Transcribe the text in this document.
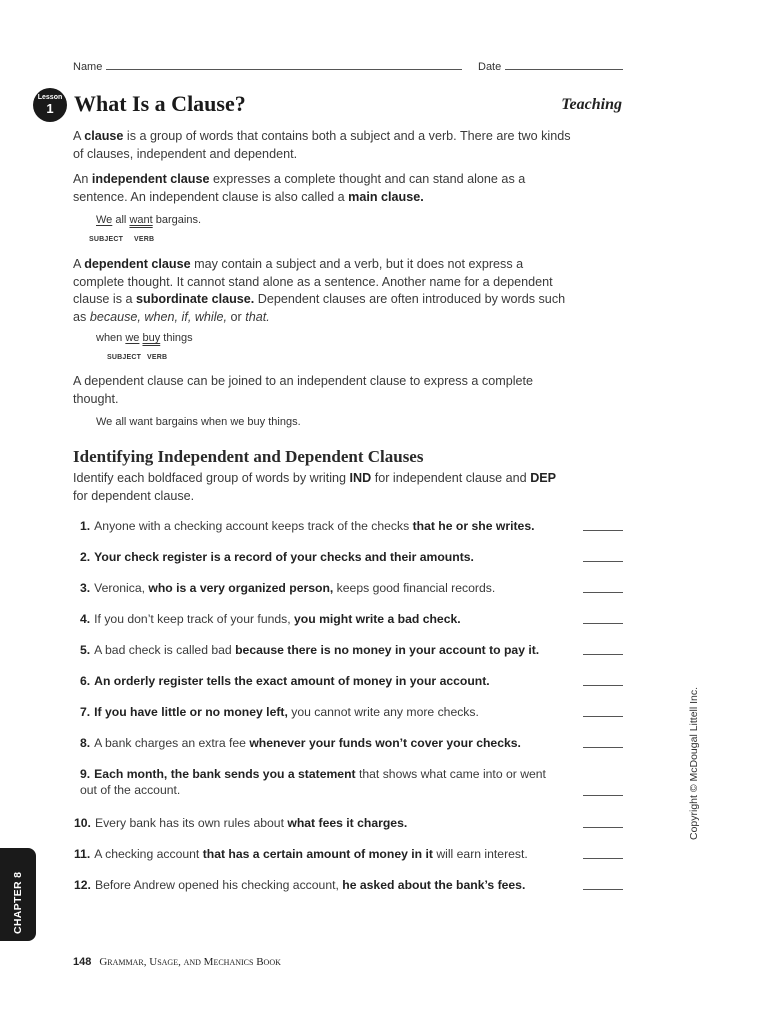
Name	Date
Lesson
1 What Is a Clause?	Teaching
A clause is a group of words that contains both a subject and a verb. There are two kinds of clauses, independent and dependent.
An independent clause expresses a complete thought and can stand alone as a sentence. An independent clause is also called a main clause.
We all want bargains.
SUBJECT VERB
A dependent clause may contain a subject and a verb, but it does not express a complete thought. It cannot stand alone as a sentence. Another name for a dependent clause is a subordinate clause. Dependent clauses are often introduced by words such as because, when, if, while, or that.
when we buy things
SUBJECT VERB
A dependent clause can be joined to an independent clause to express a complete thought.
We all want bargains when we buy things.
Identifying Independent and Dependent Clauses
Identify each boldfaced group of words by writing IND for independent clause and DEP for dependent clause.
1. Anyone with a checking account keeps track of the checks that he or she writes.
2. Your check register is a record of your checks and their amounts.
3. Veronica, who is a very organized person, keeps good financial records.
4. If you don’t keep track of your funds, you might write a bad check.
5. A bad check is called bad because there is no money in your account to pay it.
6. An orderly register tells the exact amount of money in your account.
7. If you have little or no money left, you cannot write any more checks.
8. A bank charges an extra fee whenever your funds won’t cover your checks.
9. Each month, the bank sends you a statement that shows what came into or went out of the account.
10. Every bank has its own rules about what fees it charges.
11. A checking account that has a certain amount of money in it will earn interest.
12. Before Andrew opened his checking account, he asked about the bank’s fees.
Copyright © McDougal Littell Inc.
CHAPTER 8
148 Grammar, Usage, and Mechanics Book
